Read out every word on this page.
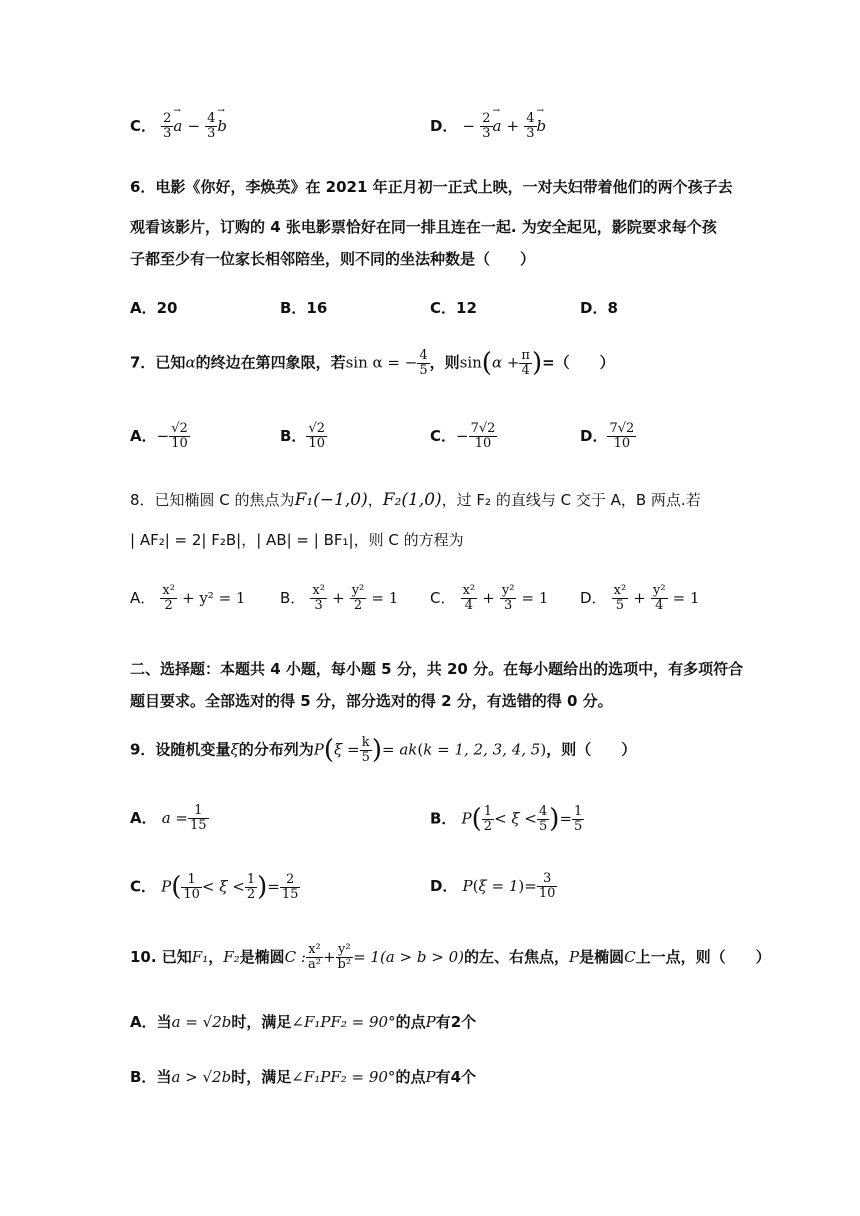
C． $\frac{2}{3}$ a
→
− $\frac{4}{3}$ b
→
D． − $\frac{2}{3}$ a
→
+ $\frac{4}{3}$ b
→
6．电影《你好，李焕英》在 2021 年正月初一正式上映，一对夫妇带着他们的两个孩子去
观看该影片，订购的 4 张电影票恰好在同一排且连在一起. 为安全起见，影院要求每个孩
子都至少有一位家长相邻陪坐，则不同的坐法种数是（　　）
A．20	B．16	C．12	D．8
7．已知α的终边在第四象限，若sin α = − $\frac{4}{5}$ ，则$\sin(\alpha + \frac{\pi}{4}$ )=（　　）
A．− $\frac{√2}{10}$	B． $\frac{√2}{10}$	C．− $\frac{7√2}{10}$	D． $\frac{7√2}{10}$
8．已知椭圆 C 的焦点为F₁(−1,0)，F₂(1,0)，过 F₂ 的直线与 C 交于 A，B 两点.若
| AF₂| = 2| F₂B|，| AB| = | BF₁|，则 C 的方程为
A． $\frac{\text{x²}}{2} + y^2 = 1$ B． $\frac{\text{x²}}{3} + \frac{\text{y²}}{2} = 1$ C． $\frac{\text{x²}}{4} + \frac{\text{y²}}{3} = 1$ D． $\frac{\text{x²}}{5} + \frac{\text{y²}}{4} = 1$
二、选择题：本题共 4 小题，每小题 5 分，共 20 分。在每小题给出的选项中，有多项符合
题目要求。全部选对的得 5 分，部分选对的得 2 分，有选错的得 0 分。
9．设随机变量ξ的分布列为$P(\xi = \frac{k}{5}$ )= ak(k = 1, 2, 3, 4, 5)，则（　　）
A． $a = \frac{1}{15}$	B． $P( \frac{1}{2} < \xi < \frac{4}{5}$ )= $\frac{1}{5}$
C． $P( \frac{1}{10} < \xi < \frac{1}{2}$ )= $\frac{2}{15}$	D． $P(\xi = 1)= \frac{3}{10}$
10. 已知F₁，F₂是椭圆C : $\frac{\text{x²}}{\text{a²}} + \frac{\text{y²}}{\text{b²}} = 1(a > b > 0)$的左、右焦点，P是椭圆C上一点，则（　　）
A．当a = √2b时，满足∠F₁PF₂ = 90°的点P有2个
B．当a > √2b时，满足∠F₁PF₂ = 90°的点P有4个
